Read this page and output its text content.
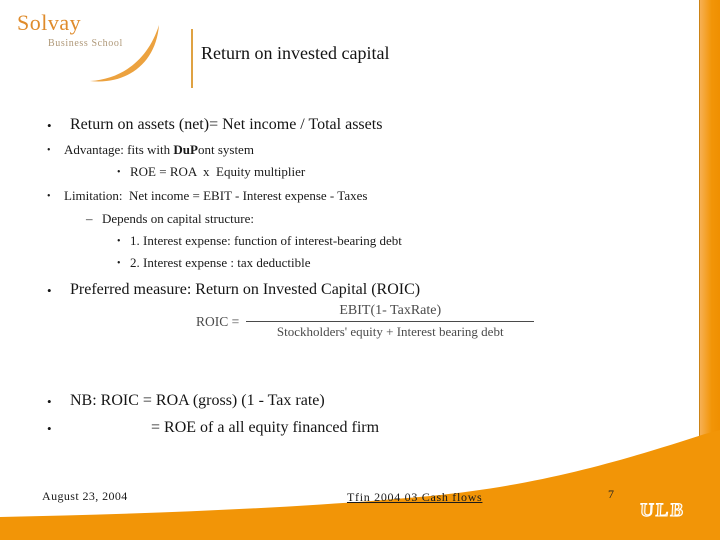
Solvay
Business School	Return on invested capital
• Return on assets (net)= Net income / Total assets
• Advantage: fits with DuPont system
• ROE = ROA  x  Equity multiplier
• Limitation:  Net income = EBIT - Interest expense - Taxes
– Depends on capital structure:
• 1. Interest expense: function of interest-bearing debt
• 2. Interest expense : tax deductible
• Preferred measure: Return on Invested Capital (ROIC)
ROIC = $\frac{\text{EBIT(1- TaxRate)}}{\text{Stockholders' equity + Interest bearing debt}}$
• NB: ROIC = ROA (gross) (1 - Tax rate)
•	= ROE of a all equity financed firm
August 23, 2004	Tfin 2004 03 Cash flows	7
ULB
